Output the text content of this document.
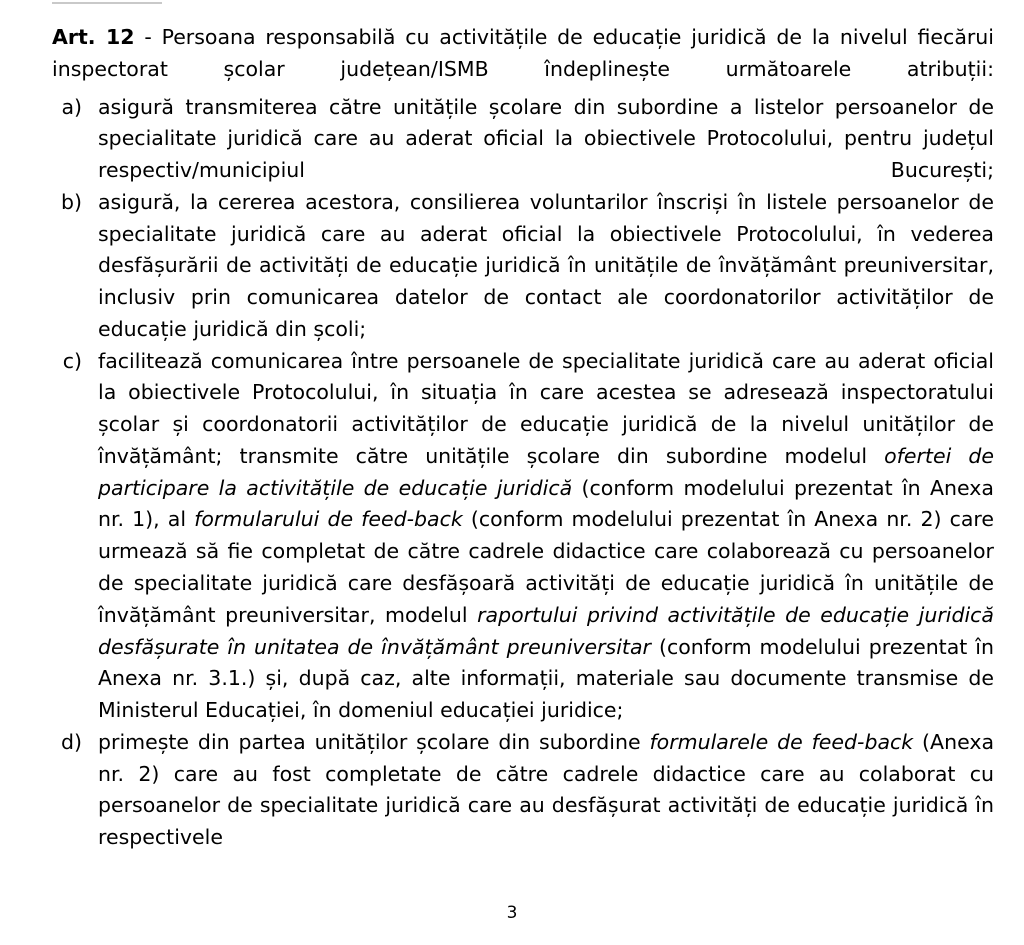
Art. 12 - Persoana responsabilă cu activitățile de educație juridică de la nivelul fiecărui inspectorat școlar județean/ISMB îndeplinește următoarele atribuții:

a) asigură transmiterea către unitățile școlare din subordine a listelor persoanelor de specialitate juridică care au aderat oficial la obiectivele Protocolului, pentru județul respectiv/municipiul București;
b) asigură, la cererea acestora, consilierea voluntarilor înscriși în listele persoanelor de specialitate juridică care au aderat oficial la obiectivele Protocolului, în vederea desfășurării de activități de educație juridică în unitățile de învățământ preuniversitar, inclusiv prin comunicarea datelor de contact ale coordonatorilor activităților de educație juridică din școli;
c) facilitează comunicarea între persoanele de specialitate juridică care au aderat oficial la obiectivele Protocolului, în situația în care acestea se adresează inspectoratului școlar și coordonatorii activităților de educație juridică de la nivelul unităților de învățământ; transmite către unitățile școlare din subordine modelul ofertei de participare la activitățile de educație juridică (conform modelului prezentat în Anexa nr. 1), al formularului de feed-back (conform modelului prezentat în Anexa nr. 2) care urmează să fie completat de către cadrele didactice care colaborează cu persoanelor de specialitate juridică care desfășoară activități de educație juridică în unitățile de învățământ preuniversitar, modelul raportului privind activitățile de educație juridică desfășurate în unitatea de învățământ preuniversitar (conform modelului prezentat în Anexa nr. 3.1.) și, după caz, alte informații, materiale sau documente transmise de Ministerul Educației, în domeniul educației juridice;
d) primește din partea unităților școlare din subordine formularele de feed-back (Anexa nr. 2) care au fost completate de către cadrele didactice care au colaborat cu persoanelor de specialitate juridică care au desfășurat activități de educație juridică în respectivele
3
